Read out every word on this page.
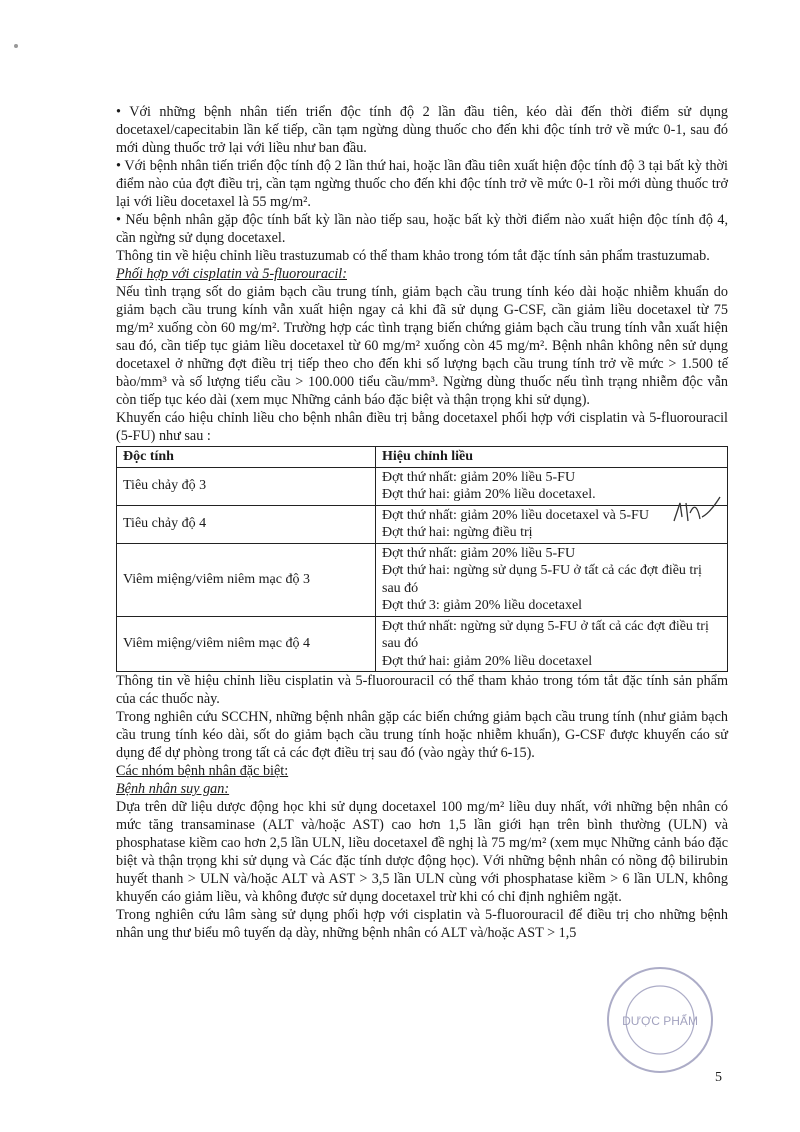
• Với những bệnh nhân tiến triển độc tính độ 2 lần đầu tiên, kéo dài đến thời điểm sử dụng docetaxel/capecitabin lần kế tiếp, cần tạm ngừng dùng thuốc cho đến khi độc tính trở về mức 0-1, sau đó mới dùng thuốc trở lại với liều như ban đầu.

• Với bệnh nhân tiến triển độc tính độ 2 lần thứ hai, hoặc lần đầu tiên xuất hiện độc tính độ 3 tại bất kỳ thời điểm nào của đợt điều trị, cần tạm ngừng thuốc cho đến khi độc tính trở về mức 0-1 rồi mới dùng thuốc trở lại với liều docetaxel là 55 mg/m².

• Nếu bệnh nhân gặp độc tính bất kỳ lần nào tiếp sau, hoặc bất kỳ thời điểm nào xuất hiện độc tính độ 4, cần ngừng sử dụng docetaxel.

Thông tin về hiệu chỉnh liều trastuzumab có thể tham khảo trong tóm tắt đặc tính sản phẩm trastuzumab.

Phối hợp với cisplatin và 5-fluorouracil:

Nếu tình trạng sốt do giảm bạch cầu trung tính, giảm bạch cầu trung tính kéo dài hoặc nhiễm khuẩn do giảm bạch cầu trung kính vẫn xuất hiện ngay cả khi đã sử dụng G-CSF, cần giảm liều docetaxel từ 75 mg/m² xuống còn 60 mg/m². Trường hợp các tình trạng biến chứng giảm bạch cầu trung tính vẫn xuất hiện sau đó, cần tiếp tục giảm liều docetaxel từ 60 mg/m² xuống còn 45 mg/m². Bệnh nhân không nên sử dụng docetaxel ở những đợt điều trị tiếp theo cho đến khi số lượng bạch cầu trung tính trở về mức > 1.500 tế bào/mm³ và số lượng tiểu cầu > 100.000 tiểu cầu/mm³. Ngừng dùng thuốc nếu tình trạng nhiễm độc vẫn còn tiếp tục kéo dài (xem mục Những cảnh báo đặc biệt và thận trọng khi sử dụng).

Khuyến cáo hiệu chỉnh liều cho bệnh nhân điều trị bằng docetaxel phối hợp với cisplatin và 5-fluorouracil (5-FU) như sau :

Độc tính	Hiệu chỉnh liều
Tiêu chảy độ 3	Đợt thứ nhất: giảm 20% liều 5-FU
Đợt thứ hai: giảm 20% liều docetaxel.

Tiêu chảy độ 4	Đợt thứ nhất: giảm 20% liều docetaxel và 5-FU
Đợt thứ hai: ngừng điều trị

Viêm miệng/viêm niêm mạc độ 3	Đợt thứ nhất: giảm 20% liều 5-FU
Đợt thứ hai: ngừng sử dụng 5-FU ở tất cả các đợt điều trị sau đó
Đợt thứ 3: giảm 20% liều docetaxel

Viêm miệng/viêm niêm mạc độ 4	Đợt thứ nhất: ngừng sử dụng 5-FU ở tất cả các đợt điều trị sau đó
Đợt thứ hai: giảm 20% liều docetaxel

Thông tin về hiệu chỉnh liều cisplatin và 5-fluorouracil có thể tham khảo trong tóm tắt đặc tính sản phẩm của các thuốc này.

Trong nghiên cứu SCCHN, những bệnh nhân gặp các biến chứng giảm bạch cầu trung tính (như giảm bạch cầu trung tính kéo dài, sốt do giảm bạch cầu trung tính hoặc nhiễm khuẩn), G-CSF được khuyến cáo sử dụng để dự phòng trong tất cả các đợt điều trị sau đó (vào ngày thứ 6-15).

Các nhóm bệnh nhân đặc biệt:

Bệnh nhân suy gan:

Dựa trên dữ liệu dược động học khi sử dụng docetaxel 100 mg/m² liều duy nhất, với những bện nhân có mức tăng transaminase (ALT và/hoặc AST) cao hơn 1,5 lần giới hạn trên bình thường (ULN) và phosphatase kiềm cao hơn 2,5 lần ULN, liều docetaxel đề nghị là 75 mg/m² (xem mục Những cảnh báo đặc biệt và thận trọng khi sử dụng và Các đặc tính dược động học). Với những bệnh nhân có nồng độ bilirubin huyết thanh > ULN và/hoặc ALT và AST > 3,5 lần ULN cùng với phosphatase kiềm > 6 lần ULN, không khuyến cáo giảm liều, và không được sử dụng docetaxel trừ khi có chỉ định nghiêm ngặt.

Trong nghiên cứu lâm sàng sử dụng phối hợp với cisplatin và 5-fluorouracil để điều trị cho những bệnh nhân ung thư biểu mô tuyến dạ dày, những bệnh nhân có ALT và/hoặc AST > 1,5

DƯỢC PHẨM
5
